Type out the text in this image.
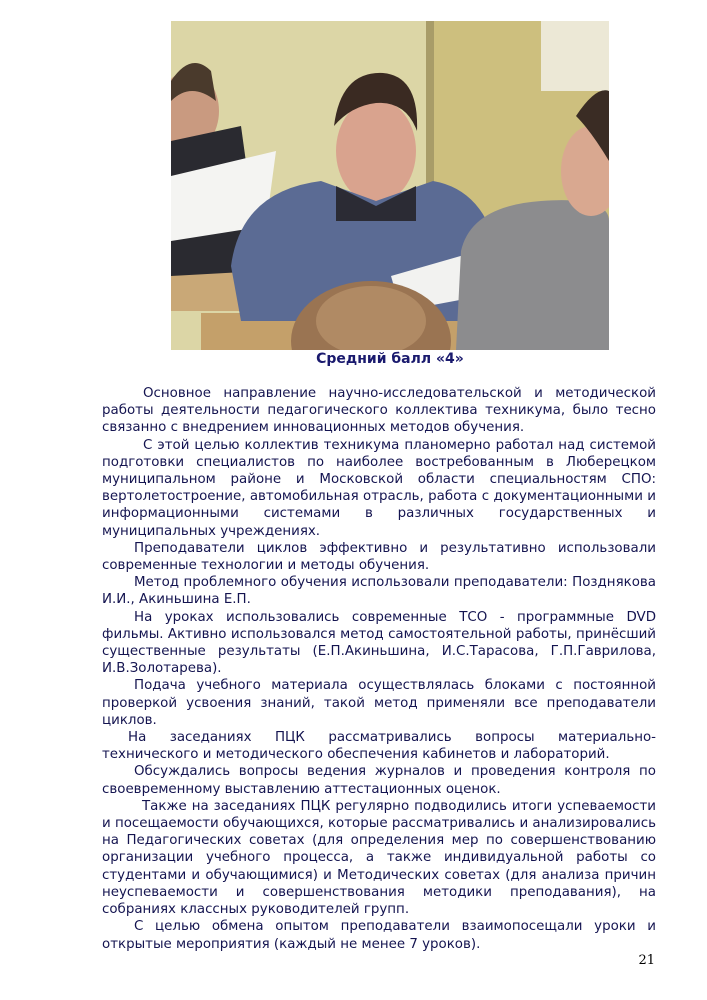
Средний балл «4»

Основное направление научно-исследовательской и методической работы деятельности педагогического коллектива техникума, было тесно связанно с внедрением инновационных методов обучения.

С этой целью коллектив техникума планомерно работал над системой подготовки специалистов по наиболее востребованным в Люберецком муниципальном районе и Московской области специальностям СПО: вертолетостроение, автомобильная отрасль, работа с документационными и информационными системами в различных государственных и муниципальных учреждениях.

Преподаватели циклов эффективно и результативно использовали современные технологии и методы обучения.

Метод проблемного обучения использовали преподаватели: Позднякова И.И., Акиньшина Е.П.

На уроках использовались современные ТСО - программные DVD фильмы. Активно использовался метод самостоятельной работы, принёсший существенные результаты (Е.П.Акиньшина, И.С.Тарасова, Г.П.Гаврилова, И.В.Золотарева).

Подача учебного материала осуществлялась блоками с постоянной проверкой усвоения знаний, такой метод применяли все преподаватели циклов.

На заседаниях ПЦК рассматривались вопросы материально-технического и методического обеспечения кабинетов и лабораторий.

Обсуждались вопросы ведения журналов и проведения контроля по своевременному выставлению аттестационных оценок.

Также на заседаниях ПЦК регулярно подводились итоги успеваемости и посещаемости обучающихся, которые рассматривались и анализировались на Педагогических советах (для определения мер по совершенствованию организации учебного процесса, а также индивидуальной работы со студентами и обучающимися) и Методических советах (для анализа причин неуспеваемости и совершенствования методики преподавания), на собраниях классных руководителей групп.

С целью обмена опытом преподаватели взаимопосещали уроки и открытые мероприятия (каждый не менее 7 уроков).

21
